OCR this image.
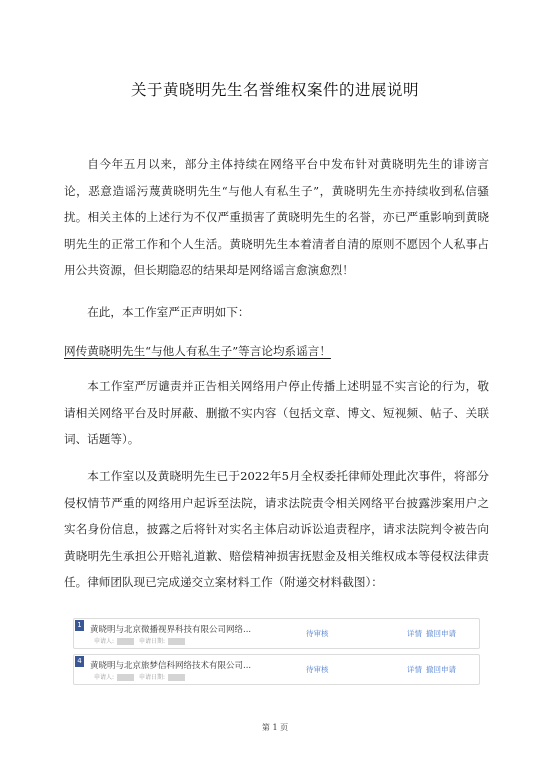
关于黄晓明先生名誉维权案件的进展说明

自今年五月以来，部分主体持续在网络平台中发布针对黄晓明先生的诽谤言论，恶意造谣污蔑黄晓明先生“与他人有私生子”，黄晓明先生亦持续收到私信骚扰。相关主体的上述行为不仅严重损害了黄晓明先生的名誉，亦已严重影响到黄晓明先生的正常工作和个人生活。黄晓明先生本着清者自清的原则不愿因个人私事占用公共资源，但长期隐忍的结果却是网络谣言愈演愈烈！

在此，本工作室严正声明如下：

网传黄晓明先生“与他人有私生子”等言论均系谣言！

本工作室严厉谴责并正告相关网络用户停止传播上述明显不实言论的行为，敬请相关网络平台及时屏蔽、删撤不实内容（包括文章、博文、短视频、帖子、关联词、话题等）。

本工作室以及黄晓明先生已于2022年5月全权委托律师处理此次事件，将部分侵权情节严重的网络用户起诉至法院，请求法院责令相关网络平台披露涉案用户之实名身份信息，披露之后将针对实名主体启动诉讼追责程序，请求法院判令被告向黄晓明先生承担公开赔礼道歉、赔偿精神损害抚慰金及相关维权成本等侵权法律责任。律师团队现已完成递交立案材料工作（附递交材料截图）：

1 黄晓明与北京微播视界科技有限公司网络...
申请人:	申请日期:
待审核	详情 撤回申请
4 黄晓明与北京旅梦信科网络技术有限公司...
申请人:	申请日期:
待审核	详情 撤回申请
第 1 页
